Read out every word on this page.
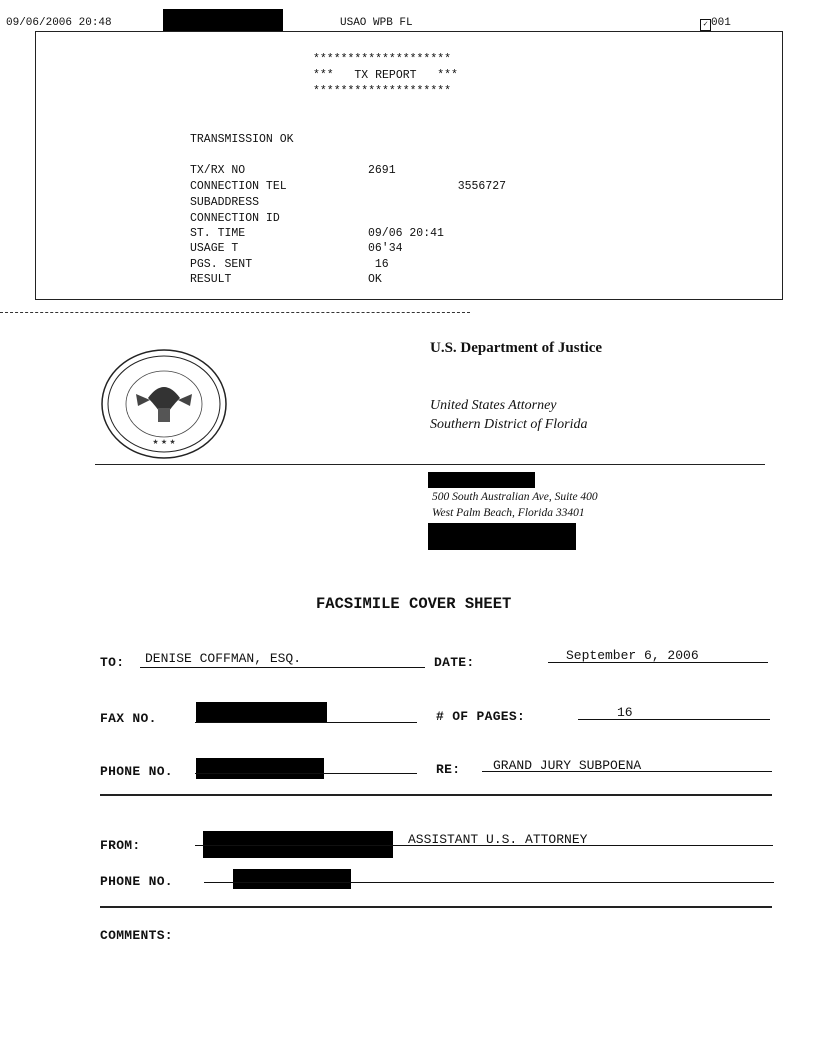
09/06/2006 20:48	USAO WPB FL	✓ 001
********************
***   TX REPORT   ***
********************
TRANSMISSION OK
TX/RX NO	2691
CONNECTION TEL	3556727
SUBADDRESS
CONNECTION ID
ST. TIME	09/06 20:41
USAGE T	06'34
PGS. SENT	16
RESULT	OK
★ ★ ★
U.S. Department of Justice
United States Attorney
Southern District of Florida
500 South Australian Ave, Suite 400
West Palm Beach, Florida 33401
FACSIMILE COVER SHEET
TO: DENISE COFFMAN, ESQ.	DATE:	September 6, 2006
FAX NO.	# OF PAGES:	16
PHONE NO.	RE:	GRAND JURY SUBPOENA
FROM:	ASSISTANT U.S. ATTORNEY
PHONE NO.
COMMENTS:
